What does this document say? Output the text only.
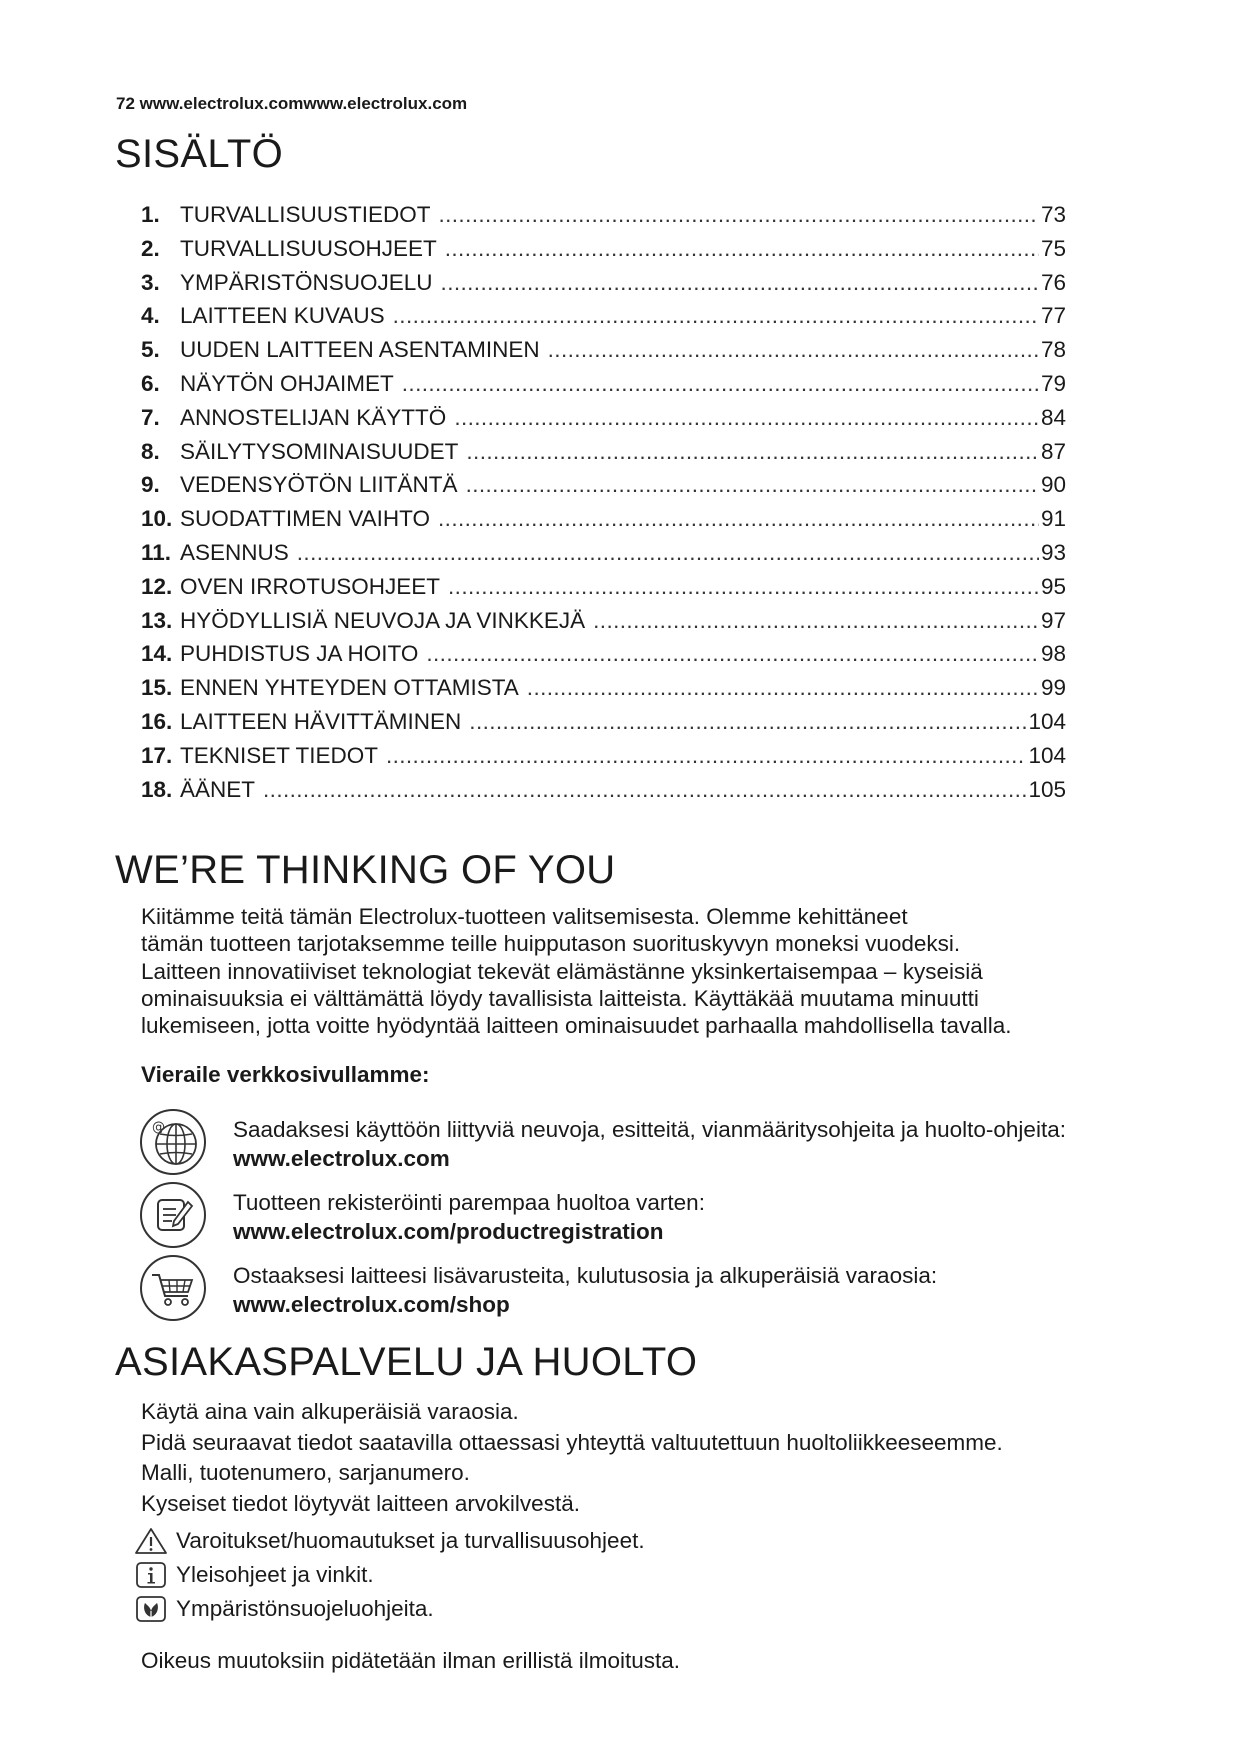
72 www.electrolux.comwww.electrolux.com
SISÄLTÖ
1. TURVALLISUUSTIEDOT .....	73
2. TURVALLISUUSOHJEET .....	75
3. YMPÄRISTÖNSUOJELU .....	76
4. LAITTEEN KUVAUS .....	77
5. UUDEN LAITTEEN ASENTAMINEN .....	78
6. NÄYTÖN OHJAIMET .....	79
7. ANNOSTELIJAN KÄYTTÖ .....	84
8. SÄILYTYSOMINAISUUDET .....	87
9. VEDENSYÖTÖN LIITÄNTÄ .....	90
10. SUODATTIMEN VAIHTO .....	91
11. ASENNUS .....	93
12. OVEN IRROTUSOHJEET .....	95
13. HYÖDYLLISIÄ NEUVOJA JA VINKKEJÄ .....	97
14. PUHDISTUS JA HOITO .....	98
15. ENNEN YHTEYDEN OTTAMISTA .....	99
16. LAITTEEN HÄVITTÄMINEN .....	104
17. TEKNISET TIEDOT .....	104
18. ÄÄNET .....	105
WE’RE THINKING OF YOU
Kiitämme teitä tämän Electrolux-tuotteen valitsemisesta. Olemme kehittäneet
tämän tuotteen tarjotaksemme teille huipputason suorituskyvyn moneksi vuodeksi.
Laitteen innovatiiviset teknologiat tekevät elämästänne yksinkertaisempaa – kyseisiä
ominaisuuksia ei välttämättä löydy tavallisista laitteista. Käyttäkää muutama minuutti
lukemiseen, jotta voitte hyödyntää laitteen ominaisuudet parhaalla mahdollisella tavalla.
Vieraile verkkosivullamme:
@	Saadaksesi käyttöön liittyviä neuvoja, esitteitä, vianmääritysohjeita ja huolto-ohjeita:
www.electrolux.com
Tuotteen rekisteröinti parempaa huoltoa varten:
www.electrolux.com/productregistration
Ostaaksesi laitteesi lisävarusteita, kulutusosia ja alkuperäisiä varaosia:
www.electrolux.com/shop
ASIAKASPALVELU JA HUOLTO
Käytä aina vain alkuperäisiä varaosia.
Pidä seuraavat tiedot saatavilla ottaessasi yhteyttä valtuutettuun huoltoliikkeeseemme.
Malli, tuotenumero, sarjanumero.
Kyseiset tiedot löytyvät laitteen arvokilvestä.
Varoitukset/huomautukset ja turvallisuusohjeet.
Yleisohjeet ja vinkit.
Ympäristönsuojeluohjeita.
Oikeus muutoksiin pidätetään ilman erillistä ilmoitusta.
